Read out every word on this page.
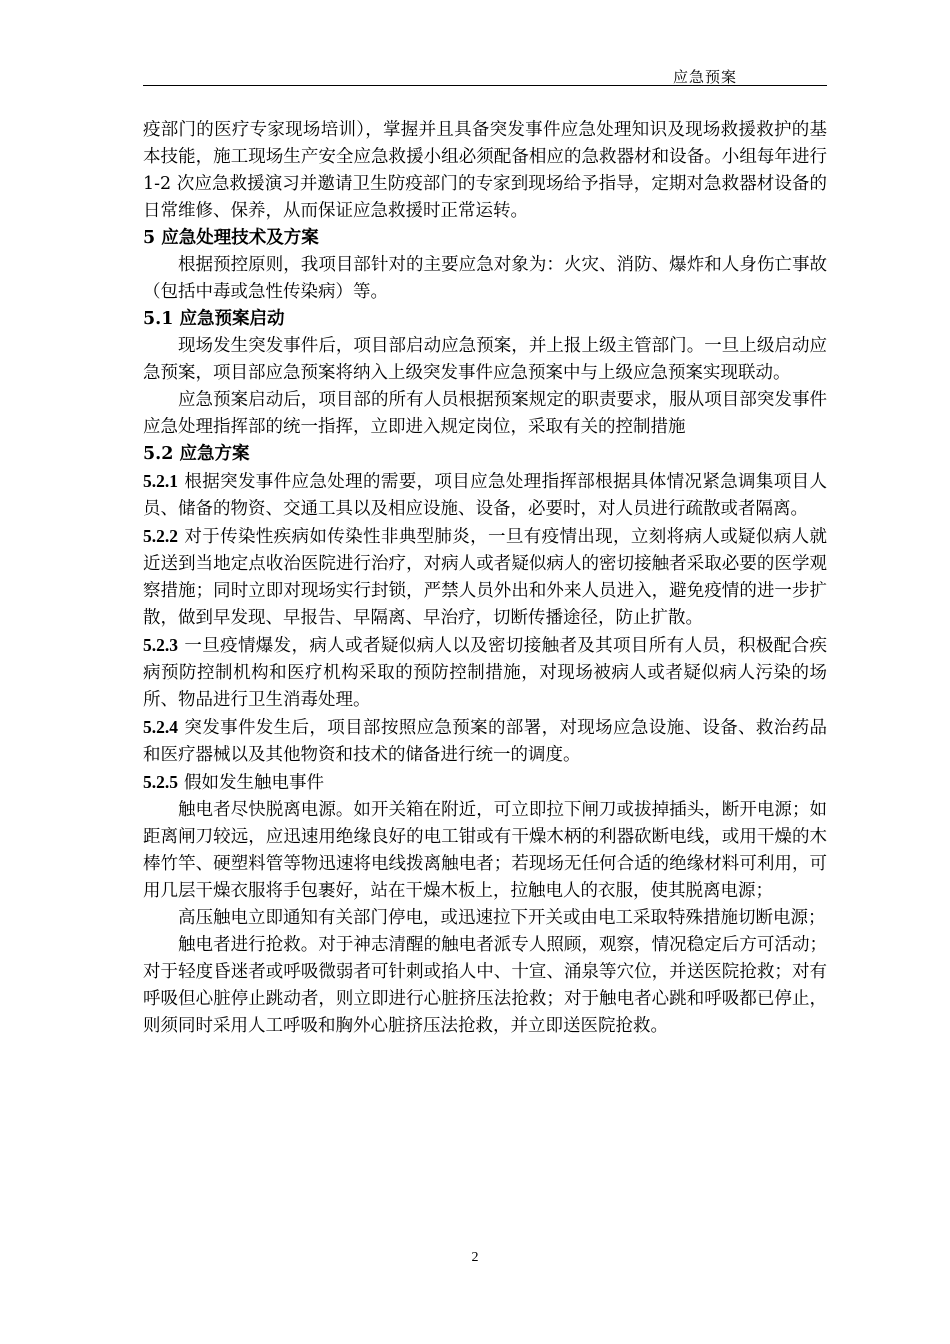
应急预案

疫部门的医疗专家现场培训），掌握并且具备突发事件应急处理知识及现场救援救护的基本技能，施工现场生产安全应急救援小组必须配备相应的急救器材和设备。小组每年进行 1-2 次应急救援演习并邀请卫生防疫部门的专家到现场给予指导，定期对急救器材设备的日常维修、保养，从而保证应急救援时正常运转。

5 应急处理技术及方案

根据预控原则，我项目部针对的主要应急对象为：火灾、消防、爆炸和人身伤亡事故（包括中毒或急性传染病）等。

5.1 应急预案启动

现场发生突发事件后，项目部启动应急预案，并上报上级主管部门。一旦上级启动应急预案，项目部应急预案将纳入上级突发事件应急预案中与上级应急预案实现联动。

应急预案启动后，项目部的所有人员根据预案规定的职责要求，服从项目部突发事件应急处理指挥部的统一指挥，立即进入规定岗位，采取有关的控制措施

5.2 应急方案

5.2.1 根据突发事件应急处理的需要，项目应急处理指挥部根据具体情况紧急调集项目人员、储备的物资、交通工具以及相应设施、设备，必要时，对人员进行疏散或者隔离。

5.2.2 对于传染性疾病如传染性非典型肺炎，一旦有疫情出现，立刻将病人或疑似病人就近送到当地定点收治医院进行治疗，对病人或者疑似病人的密切接触者采取必要的医学观察措施；同时立即对现场实行封锁，严禁人员外出和外来人员进入，避免疫情的进一步扩散，做到早发现、早报告、早隔离、早治疗，切断传播途径，防止扩散。

5.2.3 一旦疫情爆发，病人或者疑似病人以及密切接触者及其项目所有人员，积极配合疾病预防控制机构和医疗机构采取的预防控制措施，对现场被病人或者疑似病人污染的场所、物品进行卫生消毒处理。

5.2.4 突发事件发生后，项目部按照应急预案的部署，对现场应急设施、设备、救治药品和医疗器械以及其他物资和技术的储备进行统一的调度。

5.2.5 假如发生触电事件

触电者尽快脱离电源。如开关箱在附近，可立即拉下闸刀或拔掉插头，断开电源；如距离闸刀较远，应迅速用绝缘良好的电工钳或有干燥木柄的利器砍断电线，或用干燥的木棒竹竿、硬塑料管等物迅速将电线拨离触电者；若现场无任何合适的绝缘材料可利用，可用几层干燥衣服将手包裹好，站在干燥木板上，拉触电人的衣服，使其脱离电源；

高压触电立即通知有关部门停电，或迅速拉下开关或由电工采取特殊措施切断电源；

触电者进行抢救。对于神志清醒的触电者派专人照顾，观察，情况稳定后方可活动；对于轻度昏迷者或呼吸微弱者可针刺或掐人中、十宣、涌泉等穴位，并送医院抢救；对有呼吸但心脏停止跳动者，则立即进行心脏挤压法抢救；对于触电者心跳和呼吸都已停止，则须同时采用人工呼吸和胸外心脏挤压法抢救，并立即送医院抢救。

2
